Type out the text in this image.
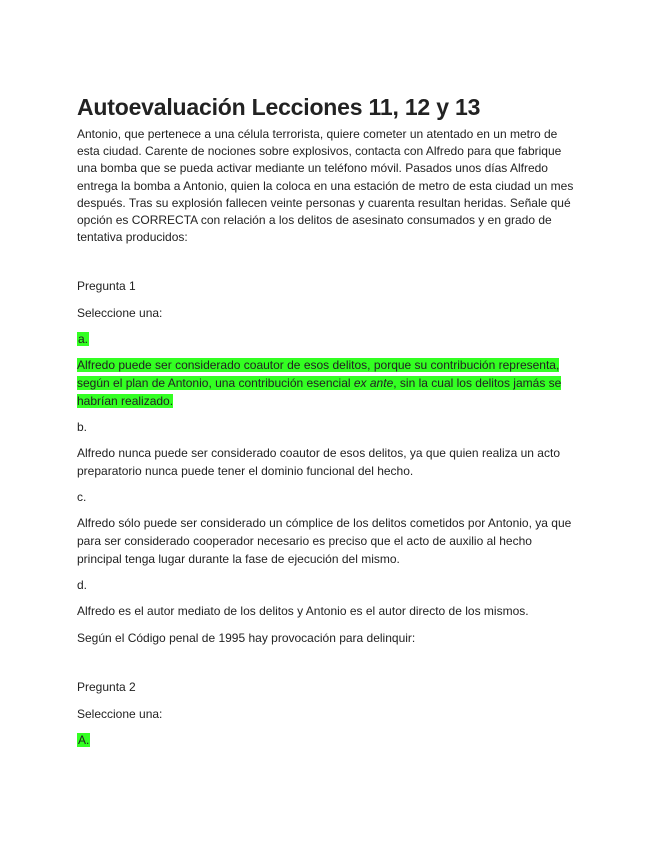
Autoevaluación Lecciones 11, 12 y 13

Antonio, que pertenece a una célula terrorista, quiere cometer un atentado en un metro de esta ciudad. Carente de nociones sobre explosivos, contacta con Alfredo para que fabrique una bomba que se pueda activar mediante un teléfono móvil. Pasados unos días Alfredo entrega la bomba a Antonio, quien la coloca en una estación de metro de esta ciudad un mes después. Tras su explosión fallecen veinte personas y cuarenta resultan heridas. Señale qué opción es CORRECTA con relación a los delitos de asesinato consumados y en grado de tentativa producidos:

Pregunta 1
Seleccione una:
a.
Alfredo puede ser considerado coautor de esos delitos, porque su contribución representa, según el plan de Antonio, una contribución esencial ex ante, sin la cual los delitos jamás se habrían realizado.
b.
Alfredo nunca puede ser considerado coautor de esos delitos, ya que quien realiza un acto preparatorio nunca puede tener el dominio funcional del hecho.
c.
Alfredo sólo puede ser considerado un cómplice de los delitos cometidos por Antonio, ya que para ser considerado cooperador necesario es preciso que el acto de auxilio al hecho principal tenga lugar durante la fase de ejecución del mismo.
d.
Alfredo es el autor mediato de los delitos y Antonio es el autor directo de los mismos.
Según el Código penal de 1995 hay provocación para delinquir:
Pregunta 2
Seleccione una:
A.
